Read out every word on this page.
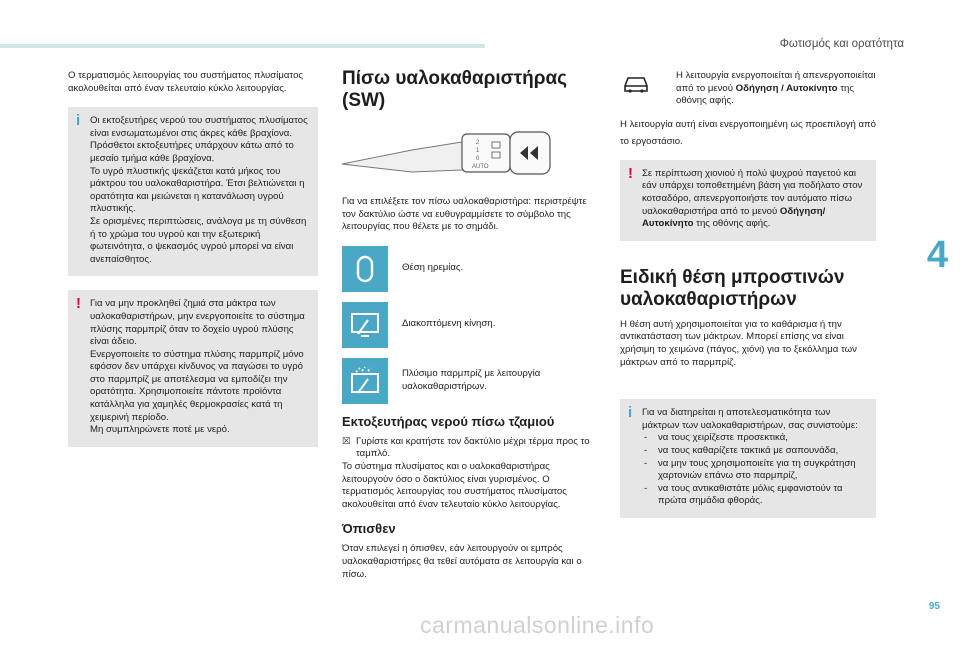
Φωτισμός και ορατότητα

Ο τερματισμός λειτουργίας του συστήματος πλυσίματος ακολουθείται από έναν τελευταίο κύκλο λειτουργίας.

i Οι εκτοξευτήρες νερού του συστήματος πλυσίματος είναι ενσωματωμένοι στις άκρες κάθε βραχίονα.

Πρόσθετοι εκτοξευτήρες υπάρχουν κάτω από το μεσαίο τμήμα κάθε βραχίονα.

Το υγρό πλυστικής ψεκάζεται κατά μήκος του μάκτρου του υαλοκαθαριστήρα. Έτσι βελτιώνεται η ορατότητα και μειώνεται η κατανάλωση υγρού πλυστικής.

Σε ορισμένες περιπτώσεις, ανάλογα με τη σύνθεση ή το χρώμα του υγρού και την εξωτερική φωτεινότητα, ο ψεκασμός υγρού μπορεί να είναι ανεπαίσθητος.

! Για να μην προκληθεί ζημιά στα μάκτρα των υαλοκαθαριστήρων, μην ενεργοποιείτε το σύστημα πλύσης παρμπρίζ όταν το δοχείο υγρού πλύσης είναι άδειο.

Ενεργοποιείτε το σύστημα πλύσης παρμπρίζ μόνο εφόσον δεν υπάρχει κίνδυνος να παγώσει το υγρό στο παρμπρίζ με αποτέλεσμα να εμποδίζει την ορατότητα. Χρησιμοποιείτε πάντοτε προϊόντα κατάλληλα για χαμηλές θερμοκρασίες κατά τη χειμερινή περίοδο.

Μη συμπληρώνετε ποτέ με νερό.

Πίσω υαλοκαθαριστήρας (SW)
2
1
0
AUTO

Για να επιλέξετε τον πίσω υαλοκαθαριστήρα: περιστρέψτε τον δακτύλιο ώστε να ευθυγραμμίσετε το σύμβολο της λειτουργίας που θέλετε με το σημάδι.

Θέση ηρεμίας.
Διακοπτόμενη κίνηση.
Πλύσιμο παρμπρίζ με λειτουργία υαλοκαθαριστήρων.
Εκτοξευτήρας νερού πίσω τζαμιού
☒ Γυρίστε και κρατήστε τον δακτύλιο μέχρι τέρμα προς το ταμπλό.

Το σύστημα πλυσίματος και ο υαλοκαθαριστήρας λειτουργούν όσο ο δακτύλιος είναι γυρισμένος. Ο τερματισμός λειτουργίας του συστήματος πλυσίματος ακολουθείται από έναν τελευταίο κύκλο λειτουργίας.

Όπισθεν

Όταν επιλεγεί η όπισθεν, εάν λειτουργούν οι εμπρός υαλοκαθαριστήρες θα τεθεί αυτόματα σε λειτουργία και ο πίσω.

Η λειτουργία ενεργοποιείται ή απενεργοποιείται από το μενού Οδήγηση / Αυτοκίνητο της οθόνης αφής.

Η λειτουργία αυτή είναι ενεργοποιημένη ως προεπιλογή από το εργοστάσιο.

! Σε περίπτωση χιονιού ή πολύ ψυχρού παγετού και εάν υπάρχει τοποθετημένη βάση για ποδήλατο στον κοτσαδόρο, απενεργοποιήστε τον αυτόματο πίσω υαλοκαθαριστήρα από το μενού Οδήγηση/Αυτοκίνητο της οθόνης αφής.

Ειδική θέση μπροστινών υαλοκαθαριστήρων

Η θέση αυτή χρησιμοποιείται για το καθάρισμα ή την αντικατάσταση των μάκτρων. Μπορεί επίσης να είναι χρήσιμη το χειμώνα (πάγος, χιόνι) για το ξεκόλλημα των μάκτρων από το παρμπρίζ.

i Για να διατηρείται η αποτελεσματικότητα των μάκτρων των υαλοκαθαριστήρων, σας συνιστούμε:

-	να τους χειρίζεστε προσεκτικά,
-	να τους καθαρίζετε τακτικά με σαπουνάδα,
-	να μην τους χρησιμοποιείτε για τη συγκράτηση χαρτονιών επάνω στο παρμπρίζ,
-	να τους αντικαθιστάτε μόλις εμφανιστούν τα πρώτα σημάδια φθοράς.
4
95
carmanualsonline.info
